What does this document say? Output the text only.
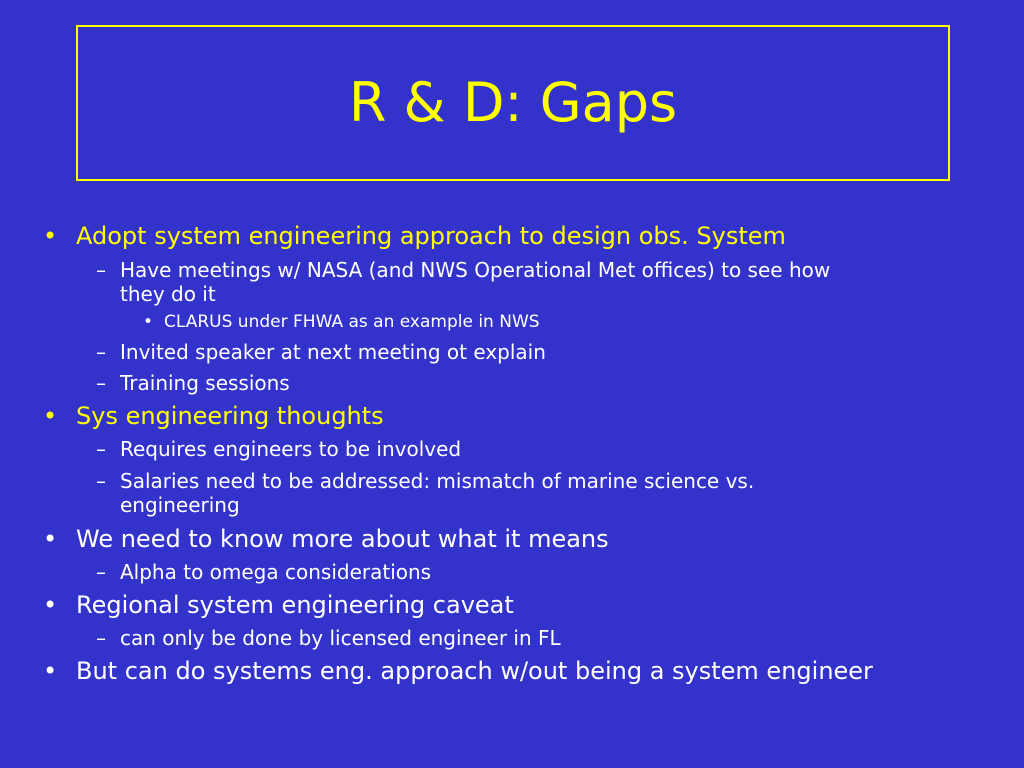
R & D: Gaps
• Adopt system engineering approach to design obs. System
– Have meetings w/ NASA (and NWS Operational Met offices) to see how
they do it
• CLARUS under FHWA as an example in NWS
– Invited speaker at next meeting ot explain
– Training sessions
• Sys engineering thoughts
– Requires engineers to be involved
– Salaries need to be addressed: mismatch of marine science vs.
engineering
• We need to know more about what it means
– Alpha to omega considerations
• Regional system engineering caveat
– can only be done by licensed engineer in FL
• But can do systems eng. approach w/out being a system engineer
